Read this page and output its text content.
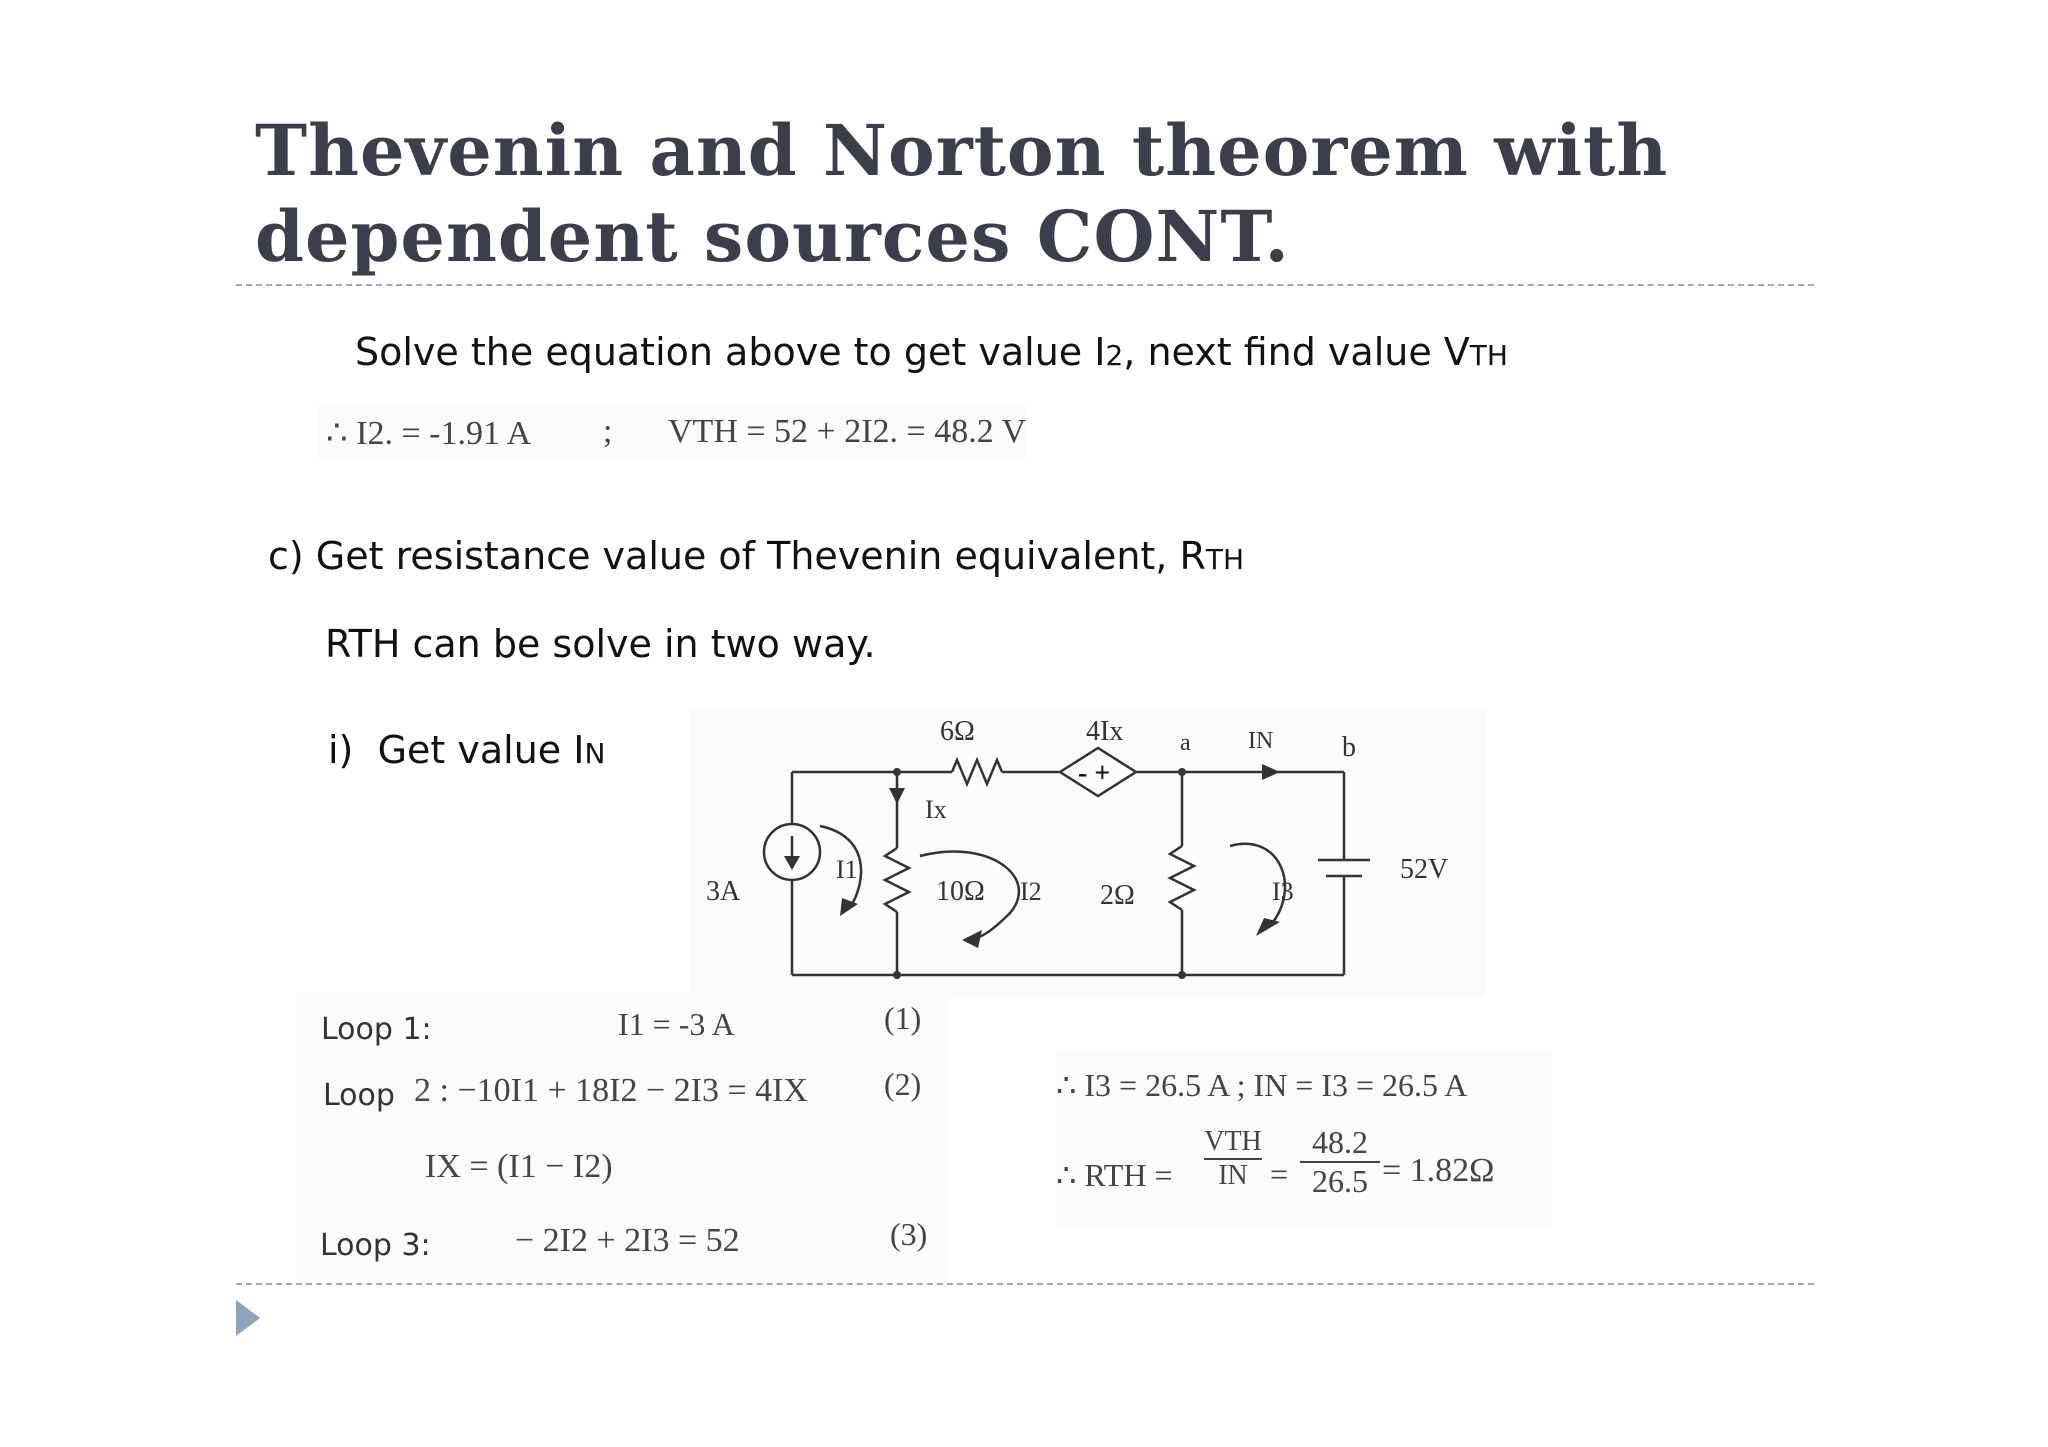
Thevenin and Norton theorem with
dependent sources CONT.
Solve the equation above to get value I2, next find value VTH
∴ I2. = -1.91 A ; VTH = 52 + 2I2. = 48.2 V
c) Get resistance value of Thevenin equivalent, RTH
RTH can be solve in two way.
i) Get value IN
6Ω	4Ix
- +
a	b
IN
Ix
3A
I1
10Ω I2 2Ω	I3
52V
Loop 1:	I1 = -3 A	(1)
Loop 2 : −10I1 + 18I2 − 2I3 = 4IX (2)
IX = (I1 − I2)
Loop 3: − 2I2 + 2I3 = 52	(3)
∴ I3 = 26.5 A ; IN = I3 = 26.5 A
∴ RTH =
VTH
IN = $\frac{48.2}{26.5} = 1.82\Omega$
